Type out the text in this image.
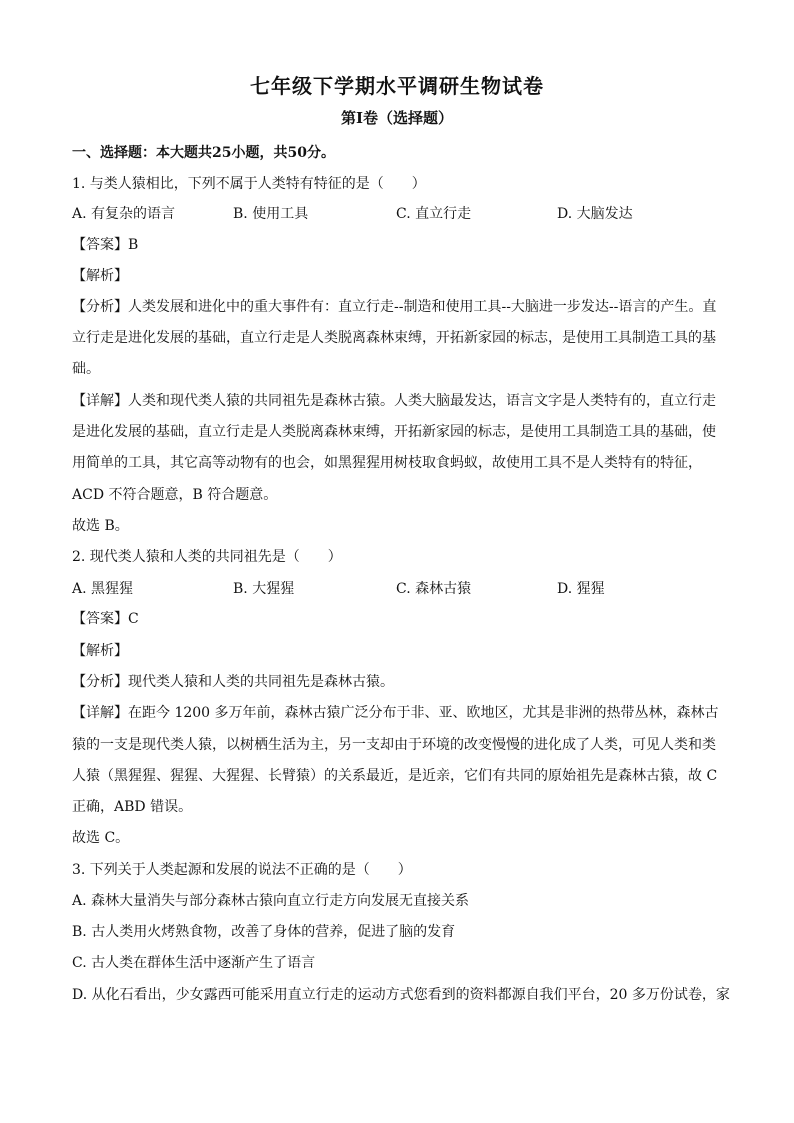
七年级下学期水平调研生物试卷
第Ⅰ卷（选择题）
一、选择题：本大题共25小题，共50分。
1. 与类人猿相比，下列不属于人类特有特征的是（　　）
A. 有复杂的语言	B. 使用工具	C. 直立行走	D. 大脑发达
【答案】B
【解析】
【分析】人类发展和进化中的重大事件有：直立行走--制造和使用工具--大脑进一步发达--语言的产生。直
立行走是进化发展的基础，直立行走是人类脱离森林束缚，开拓新家园的标志，是使用工具制造工具的基
础。
【详解】人类和现代类人猿的共同祖先是森林古猿。人类大脑最发达，语言文字是人类特有的，直立行走
是进化发展的基础，直立行走是人类脱离森林束缚，开拓新家园的标志，是使用工具制造工具的基础，使
用简单的工具，其它高等动物有的也会，如黑猩猩用树枝取食蚂蚁，故使用工具不是人类特有的特征，
ACD 不符合题意，B 符合题意。
故选 B。
2. 现代类人猿和人类的共同祖先是（　　）
A. 黑猩猩	B. 大猩猩	C. 森林古猿	D. 猩猩
【答案】C
【解析】
【分析】现代类人猿和人类的共同祖先是森林古猿。
【详解】在距今 1200 多万年前，森林古猿广泛分布于非、亚、欧地区，尤其是非洲的热带丛林，森林古
猿的一支是现代类人猿，以树栖生活为主，另一支却由于环境的改变慢慢的进化成了人类，可见人类和类
人猿（黑猩猩、猩猩、大猩猩、长臂猿）的关系最近，是近亲，它们有共同的原始祖先是森林古猿，故 C
正确，ABD 错误。
故选 C。
3. 下列关于人类起源和发展的说法不正确的是（　　）
A. 森林大量消失与部分森林古猿向直立行走方向发展无直接关系
B. 古人类用火烤熟食物，改善了身体的营养，促进了脑的发育
C. 古人类在群体生活中逐渐产生了语言
D. 从化石看出，少女露西可能采用直立行走的运动方式您看到的资料都源自我们平台，20 多万份试卷，家
